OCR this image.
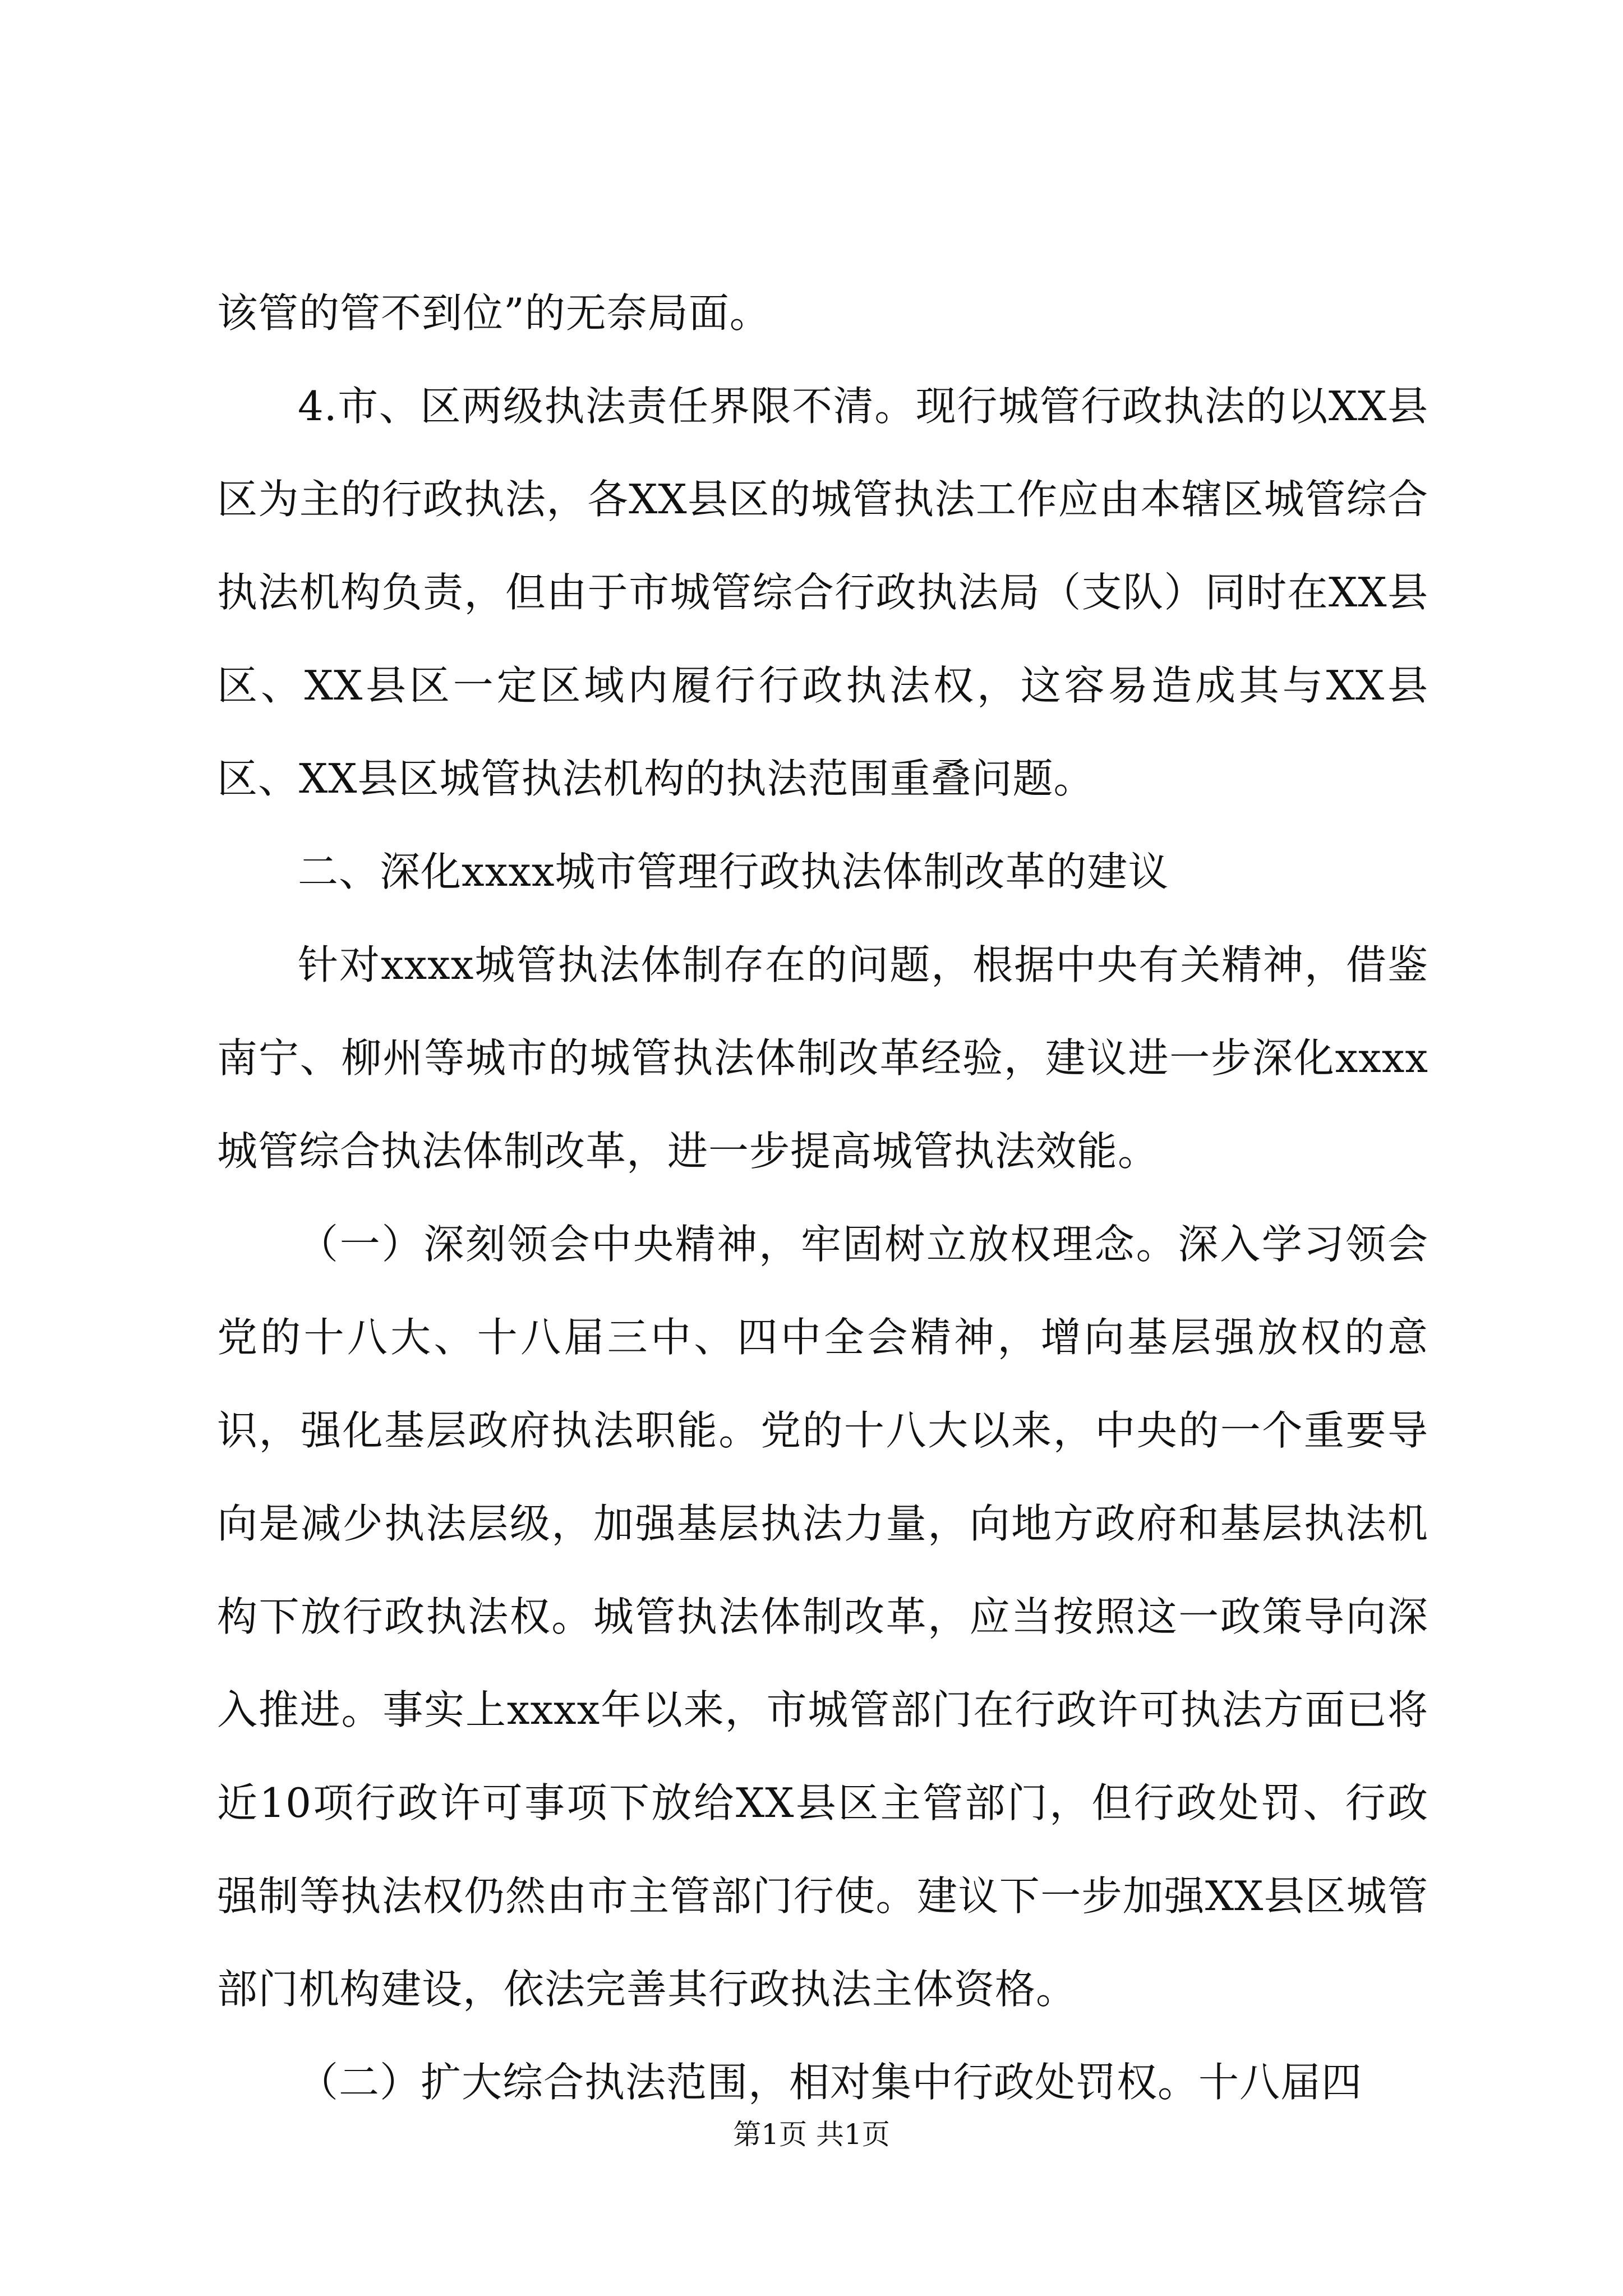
该管的管不到位”的无奈局面。

4.市、区两级执法责任界限不清。现行城管行政执法的以XX县区为主的行政执法，各XX县区的城管执法工作应由本辖区城管综合执法机构负责，但由于市城管综合行政执法局（支队）同时在XX县区、XX县区一定区域内履行行政执法权，这容易造成其与XX县区、XX县区城管执法机构的执法范围重叠问题。

二、深化xxxx城市管理行政执法体制改革的建议

针对xxxx城管执法体制存在的问题，根据中央有关精神，借鉴南宁、柳州等城市的城管执法体制改革经验，建议进一步深化xxxx城管综合执法体制改革，进一步提高城管执法效能。

（一）深刻领会中央精神，牢固树立放权理念。深入学习领会党的十八大、十八届三中、四中全会精神，增向基层强放权的意识，强化基层政府执法职能。党的十八大以来，中央的一个重要导向是减少执法层级，加强基层执法力量，向地方政府和基层执法机构下放行政执法权。城管执法体制改革，应当按照这一政策导向深入推进。事实上xxxx年以来，市城管部门在行政许可执法方面已将近10项行政许可事项下放给XX县区主管部门，但行政处罚、行政强制等执法权仍然由市主管部门行使。建议下一步加强XX县区城管部门机构建设，依法完善其行政执法主体资格。

（二）扩大综合执法范围，相对集中行政处罚权。十八届四

第1页 共1页
